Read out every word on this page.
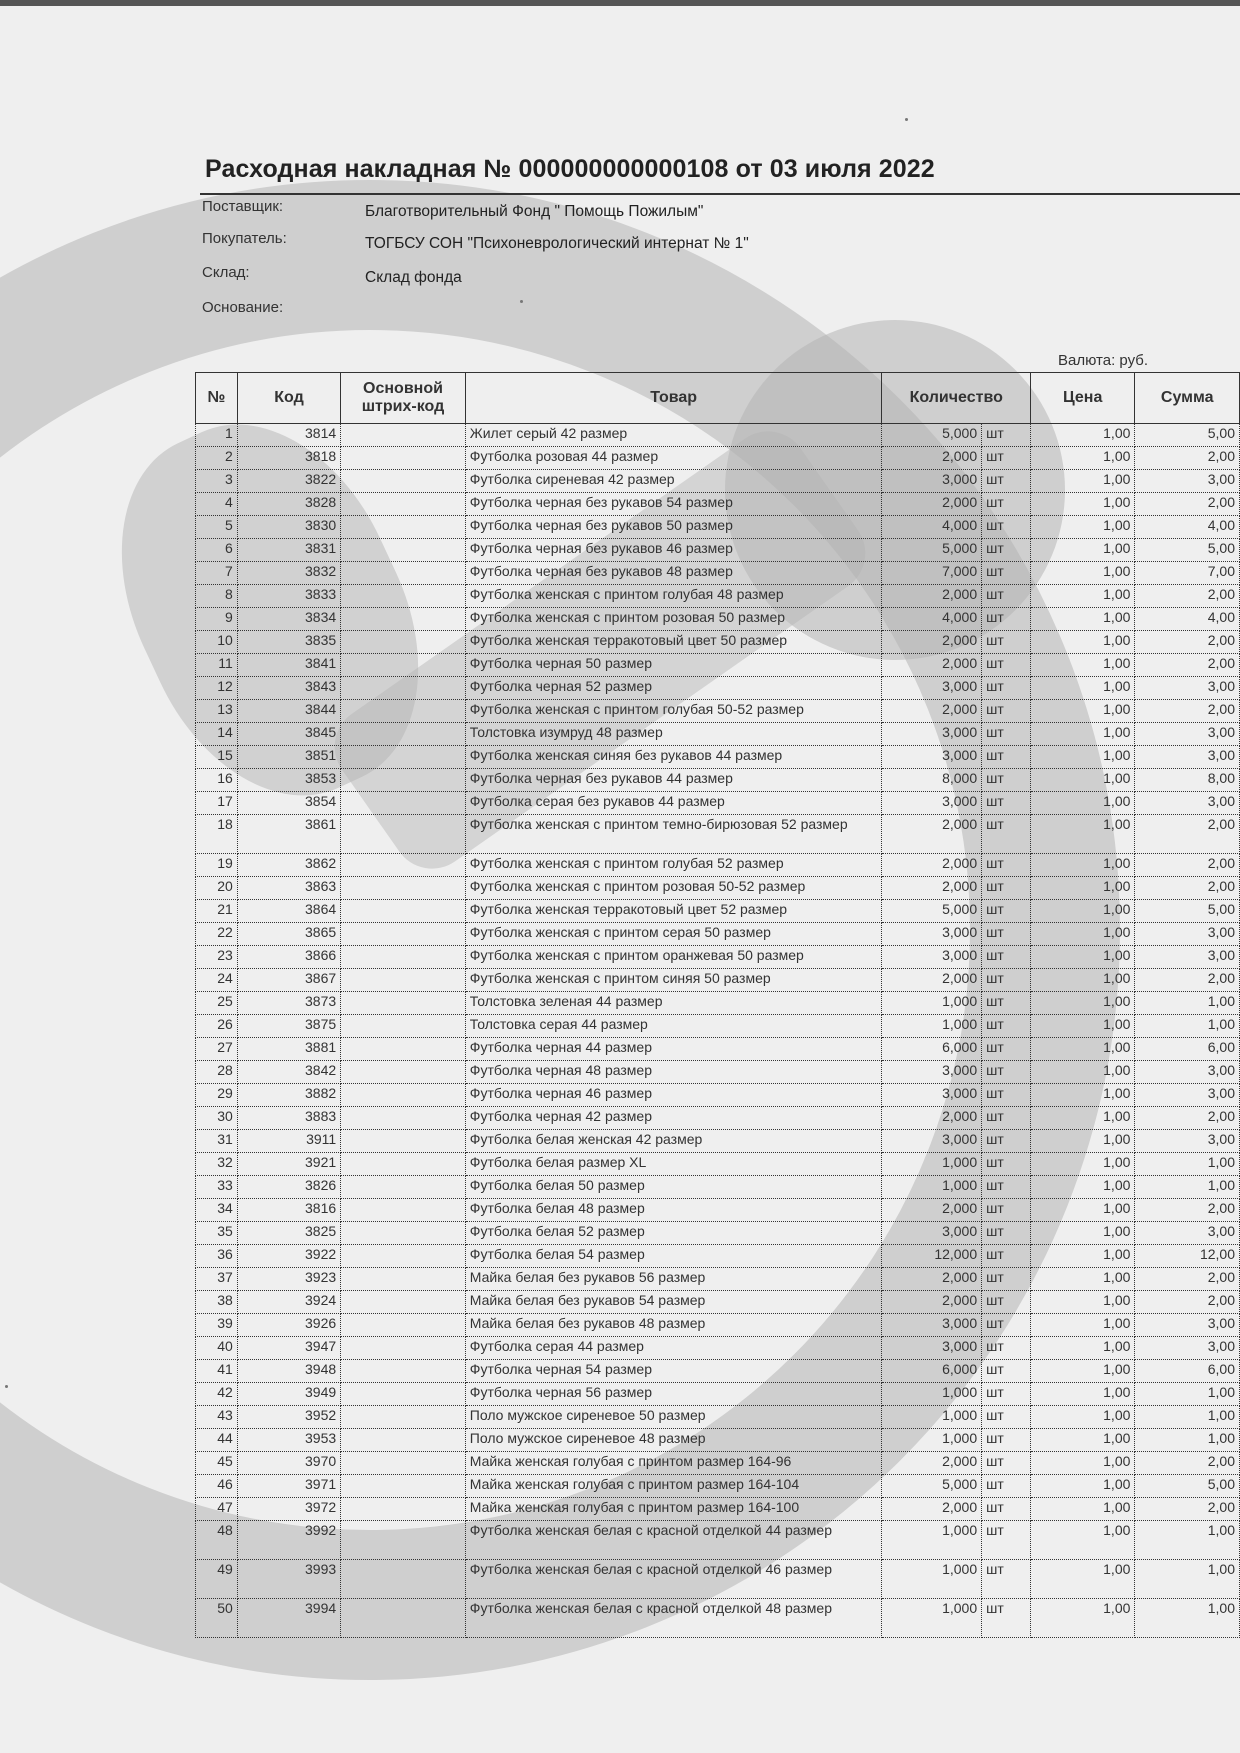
Расходная накладная № 000000000000108 от 03 июля 2022
Поставщик:	Благотворительный Фонд " Помощь Пожилым"
Покупатель:	ТОГБСУ СОН "Психоневрологический интернат № 1"
Склад:	Склад фонда
Основание:
Валюта: руб.
№	Код	Основной штрих-код	Товар	Количество		Цена	Сумма
1	3814		Жилет серый 42 размер	5,000	шт	1,00	5,00
2	3818		Футболка розовая 44 размер	2,000	шт	1,00	2,00
3	3822		Футболка сиреневая 42 размер	3,000	шт	1,00	3,00
4	3828		Футболка черная без рукавов 54 размер	2,000	шт	1,00	2,00
5	3830		Футболка черная без рукавов 50 размер	4,000	шт	1,00	4,00
6	3831		Футболка черная без рукавов 46 размер	5,000	шт	1,00	5,00
7	3832		Футболка черная без рукавов 48 размер	7,000	шт	1,00	7,00
8	3833		Футболка женская с принтом голубая 48 размер	2,000	шт	1,00	2,00
9	3834		Футболка женская с принтом розовая 50 размер	4,000	шт	1,00	4,00
10	3835		Футболка женская терракотовый цвет 50 размер	2,000	шт	1,00	2,00
11	3841		Футболка черная 50 размер	2,000	шт	1,00	2,00
12	3843		Футболка черная 52 размер	3,000	шт	1,00	3,00
13	3844		Футболка женская с принтом голубая 50-52 размер	2,000	шт	1,00	2,00
14	3845		Толстовка изумруд 48 размер	3,000	шт	1,00	3,00
15	3851		Футболка женская синяя без рукавов 44 размер	3,000	шт	1,00	3,00
16	3853		Футболка черная без рукавов 44 размер	8,000	шт	1,00	8,00
17	3854		Футболка серая без рукавов 44 размер	3,000	шт	1,00	3,00
18	3861		Футболка женская с принтом темно-бирюзовая 52 размер	2,000	шт	1,00	2,00
19	3862		Футболка женская с принтом голубая 52 размер	2,000	шт	1,00	2,00
20	3863		Футболка женская с принтом розовая 50-52 размер	2,000	шт	1,00	2,00
21	3864		Футболка женская терракотовый цвет 52 размер	5,000	шт	1,00	5,00
22	3865		Футболка женская с принтом серая 50 размер	3,000	шт	1,00	3,00
23	3866		Футболка женская с принтом оранжевая 50 размер	3,000	шт	1,00	3,00
24	3867		Футболка женская с принтом синяя 50 размер	2,000	шт	1,00	2,00
25	3873		Толстовка зеленая 44 размер	1,000	шт	1,00	1,00
26	3875		Толстовка серая 44 размер	1,000	шт	1,00	1,00
27	3881		Футболка черная 44 размер	6,000	шт	1,00	6,00
28	3842		Футболка черная 48 размер	3,000	шт	1,00	3,00
29	3882		Футболка черная 46 размер	3,000	шт	1,00	3,00
30	3883		Футболка черная 42 размер	2,000	шт	1,00	2,00
31	3911		Футболка белая женская 42 размер	3,000	шт	1,00	3,00
32	3921		Футболка белая размер XL	1,000	шт	1,00	1,00
33	3826		Футболка белая 50 размер	1,000	шт	1,00	1,00
34	3816		Футболка белая 48 размер	2,000	шт	1,00	2,00
35	3825		Футболка белая 52 размер	3,000	шт	1,00	3,00
36	3922		Футболка белая 54 размер	12,000	шт	1,00	12,00
37	3923		Майка белая без рукавов 56 размер	2,000	шт	1,00	2,00
38	3924		Майка белая без рукавов 54 размер	2,000	шт	1,00	2,00
39	3926		Майка белая без рукавов 48 размер	3,000	шт	1,00	3,00
40	3947		Футболка серая 44 размер	3,000	шт	1,00	3,00
41	3948		Футболка черная 54 размер	6,000	шт	1,00	6,00
42	3949		Футболка черная 56 размер	1,000	шт	1,00	1,00
43	3952		Поло мужское сиреневое 50 размер	1,000	шт	1,00	1,00
44	3953		Поло мужское сиреневое 48 размер	1,000	шт	1,00	1,00
45	3970		Майка женская голубая с принтом размер 164-96	2,000	шт	1,00	2,00
46	3971		Майка женская голубая с принтом размер 164-104	5,000	шт	1,00	5,00
47	3972		Майка женская голубая с принтом размер 164-100	2,000	шт	1,00	2,00
48	3992		Футболка женская белая с красной отделкой 44 размер	1,000	шт	1,00	1,00
49	3993		Футболка женская белая с красной отделкой 46 размер	1,000	шт	1,00	1,00
50	3994		Футболка женская белая с красной отделкой 48 размер	1,000	шт	1,00	1,00
